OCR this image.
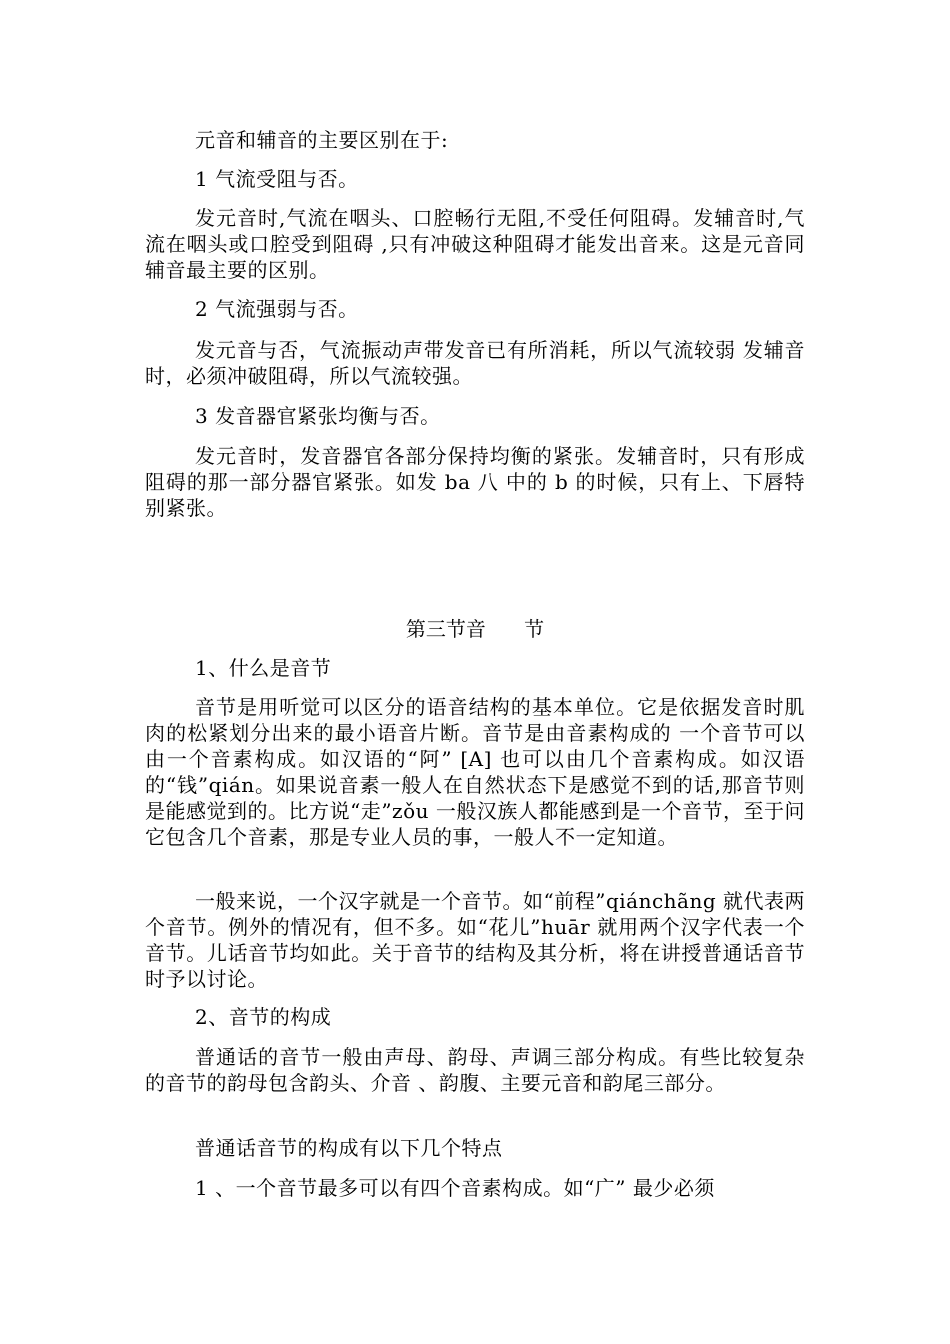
元音和辅音的主要区别在于:

1 气流受阻与否。

发元音时,气流在咽头、口腔畅行无阻,不受任何阻碍。发辅音时,气流在咽头或口腔受到阻碍 ,只有冲破这种阻碍才能发出音来。这是元音同辅音最主要的区别。

2 气流强弱与否。

发元音与否，气流振动声带发音已有所消耗，所以气流较弱 发辅音时，必须冲破阻碍，所以气流较强。

3 发音器官紧张均衡与否。

发元音时，发音器官各部分保持均衡的紧张。发辅音时，只有形成阻碍的那一部分器官紧张。如发 ba 八 中的 b 的时候，只有上、下唇特别紧张。

第三节音      节

1、什么是音节

音节是用听觉可以区分的语音结构的基本单位。它是依据发音时肌肉的松紧划分出来的最小语音片断。音节是由音素构成的 一个音节可以由一个音素构成。如汉语的“阿” [A] 也可以由几个音素构成。如汉语的“钱”qián。如果说音素一般人在自然状态下是感觉不到的话,那音节则是能感觉到的。比方说“走”zǒu 一般汉族人都能感到是一个音节，至于问它包含几个音素，那是专业人员的事，一般人不一定知道。

一般来说，一个汉字就是一个音节。如“前程”qiánchãng 就代表两个音节。例外的情况有，但不多。如“花儿”huār 就用两个汉字代表一个音节。儿话音节均如此。关于音节的结构及其分析，将在讲授普通话音节时予以讨论。

2、音节的构成

普通话的音节一般由声母、韵母、声调三部分构成。有些比较复杂的音节的韵母包含韵头、介音 、韵腹、主要元音和韵尾三部分。

普通话音节的构成有以下几个特点

1 、一个音节最多可以有四个音素构成。如“广” 最少必须
